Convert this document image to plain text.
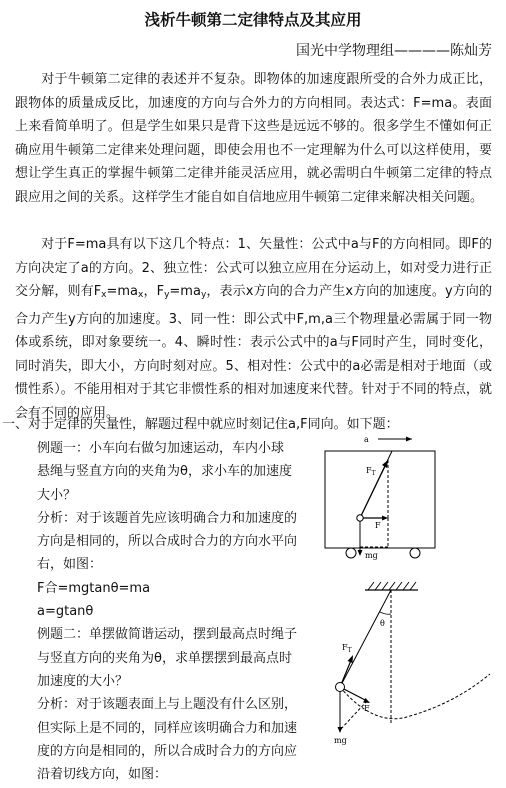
浅析牛顿第二定律特点及其应用
国光中学物理组————陈灿芳

对于牛顿第二定律的表述并不复杂。即物体的加速度跟所受的合外力成正比，跟物体的质量成反比，加速度的方向与合外力的方向相同。表达式：F=ma。表面上来看简单明了。但是学生如果只是背下这些是远远不够的。很多学生不懂如何正确应用牛顿第二定律来处理问题，即使会用也不一定理解为什么可以这样使用，要想让学生真正的掌握牛顿第二定律并能灵活应用，就必需明白牛顿第二定律的特点跟应用之间的关系。这样学生才能自如自信地应用牛顿第二定律来解决相关问题。

对于F=ma具有以下这几个特点：1、矢量性：公式中a与F的方向相同。即F的方向决定了a的方向。2、独立性：公式可以独立应用在分运动上，如对受力进行正交分解，则有$F_x=ma_x$，$F_y=ma_y$，表示x方向的合力产生x方向的加速度。y方向的合力产生y方向的加速度。3、同一性：即公式中F,m,a三个物理量必需属于同一物体或系统，即对象要统一。4、瞬时性：表示公式中的a与F同时产生，同时变化，同时消失，即大小，方向时刻对应。5、相对性：公式中的a必需是相对于地面（或惯性系）。不能用相对于其它非惯性系的相对加速度来代替。针对于不同的特点，就会有不同的应用。

一、对于定律的矢量性，解题过程中就应时刻记住a,F同向。如下题：
例题一：小车向右做匀加速运动，车内小球
悬绳与竖直方向的夹角为θ，求小车的加速度
大小？
分析：对于该题首先应该明确合力和加速度的
方向是相同的，所以合成时合力的方向水平向
右，如图：
F合=mgtanθ=ma
a=gtanθ
例题二：单摆做简谐运动，摆到最高点时绳子
与竖直方向的夹角为θ，求单摆摆到最高点时
加速度的大小？
分析：对于该题表面上与上题没有什么区别，
但实际上是不同的，同样应该明确合力和加速
度的方向是相同的，所以合成时合力的方向应
沿着切线方向，如图：
a
$F_T$
F
mg
θ
$F_T$
F
mg
